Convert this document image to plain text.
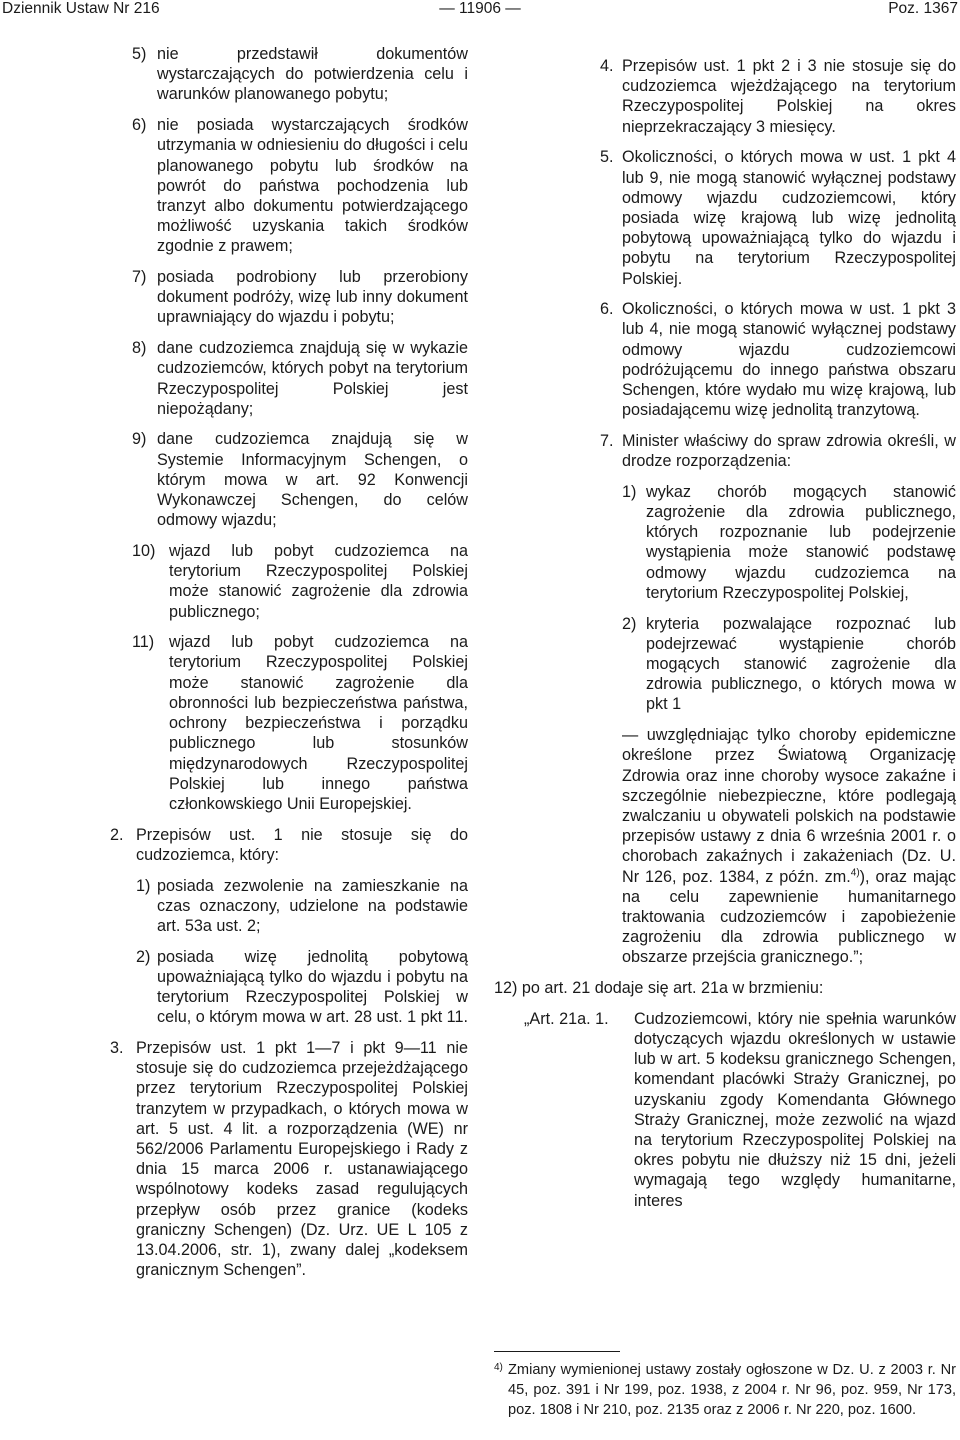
Dziennik Ustaw Nr 216	— 11906 —	Poz. 1367
5) nie przedstawił dokumentów wystarczających do potwierdzenia celu i warunków planowanego pobytu;

6) nie posiada wystarczających środków utrzymania w odniesieniu do długości i celu planowanego pobytu lub środków na powrót do państwa pochodzenia lub tranzyt albo dokumentu potwierdzającego możliwość uzyskania takich środków zgodnie z prawem;

7) posiada podrobiony lub przerobiony dokument podróży, wizę lub inny dokument uprawniający do wjazdu i pobytu;

8) dane cudzoziemca znajdują się w wykazie cudzoziemców, których pobyt na terytorium Rzeczypospolitej Polskiej jest niepożądany;

9) dane cudzoziemca znajdują się w Systemie Informacyjnym Schengen, o którym mowa w art. 92 Konwencji Wykonawczej Schengen, do celów odmowy wjazdu;

10) wjazd lub pobyt cudzoziemca na terytorium Rzeczypospolitej Polskiej może stanowić zagrożenie dla zdrowia publicznego;

11) wjazd lub pobyt cudzoziemca na terytorium Rzeczypospolitej Polskiej może stanowić zagrożenie dla obronności lub bezpieczeństwa państwa, ochrony bezpieczeństwa i porządku publicznego lub stosunków międzynarodowych Rzeczypospolitej Polskiej lub innego państwa członkowskiego Unii Europejskiej.

2. Przepisów ust. 1 nie stosuje się do cudzoziemca, który:

1) posiada zezwolenie na zamieszkanie na czas oznaczony, udzielone na podstawie art. 53a ust. 2;

2) posiada wizę jednolitą pobytową upoważniającą tylko do wjazdu i pobytu na terytorium Rzeczypospolitej Polskiej w celu, o którym mowa w art. 28 ust. 1 pkt 11.

3. Przepisów ust. 1 pkt 1—7 i pkt 9—11 nie stosuje się do cudzoziemca przejeżdżającego przez terytorium Rzeczypospolitej Polskiej tranzytem w przypadkach, o których mowa w art. 5 ust. 4 lit. a rozporządzenia (WE) nr 562/2006 Parlamentu Europejskiego i Rady z dnia 15 marca 2006 r. ustanawiającego wspólnotowy kodeks zasad regulujących przepływ osób przez granice (kodeks graniczny Schengen) (Dz. Urz. UE L 105 z 13.04.2006, str. 1), zwany dalej „kodeksem granicznym Schengen”.

4. Przepisów ust. 1 pkt 2 i 3 nie stosuje się do cudzoziemca wjeżdżającego na terytorium Rzeczypospolitej Polskiej na okres nieprzekraczający 3 miesięcy.

5. Okoliczności, o których mowa w ust. 1 pkt 4 lub 9, nie mogą stanowić wyłącznej podstawy odmowy wjazdu cudzoziemcowi, który posiada wizę krajową lub wizę jednolitą pobytową upoważniającą tylko do wjazdu i pobytu na terytorium Rzeczypospolitej Polskiej.

6. Okoliczności, o których mowa w ust. 1 pkt 3 lub 4, nie mogą stanowić wyłącznej podstawy odmowy wjazdu cudzoziemcowi podróżującemu do innego państwa obszaru Schengen, które wydało mu wizę krajową, lub posiadającemu wizę jednolitą tranzytową.

7. Minister właściwy do spraw zdrowia określi, w drodze rozporządzenia:

1) wykaz chorób mogących stanowić zagrożenie dla zdrowia publicznego, których rozpoznanie lub podejrzenie wystąpienia może stanowić podstawę odmowy wjazdu cudzoziemca na terytorium Rzeczypospolitej Polskiej,

2) kryteria pozwalające rozpoznać lub podejrzewać wystąpienie chorób mogących stanowić zagrożenie dla zdrowia publicznego, o których mowa w pkt 1

— uwzględniając tylko choroby epidemiczne określone przez Światową Organizację Zdrowia oraz inne choroby wysoce zakaźne i szczególnie niebezpieczne, które podlegają zwalczaniu u obywateli polskich na podstawie przepisów ustawy z dnia 6 września 2001 r. o chorobach zakaźnych i zakażeniach (Dz. U. Nr 126, poz. 1384, z późn. zm.$^{4)}$), oraz mając na celu zapewnienie humanitarnego traktowania cudzoziemców i zapobieżenie zagrożeniu dla zdrowia publicznego w obszarze przejścia granicznego.”;

12) po art. 21 dodaje się art. 21a w brzmieniu:
„Art. 21a. 1. Cudzoziemcowi, który nie spełnia warunków dotyczących wjazdu określonych w ustawie lub w art. 5 kodeksu granicznego Schengen, komendant placówki Straży Granicznej, po uzyskaniu zgody Komendanta Głównego Straży Granicznej, może zezwolić na wjazd na terytorium Rzeczypospolitej Polskiej na okres pobytu nie dłuższy niż 15 dni, jeżeli wymagają tego względy humanitarne, interes

4) Zmiany wymienionej ustawy zostały ogłoszone w Dz. U. z 2003 r. Nr 45, poz. 391 i Nr 199, poz. 1938, z 2004 r. Nr 96, poz. 959, Nr 173, poz. 1808 i Nr 210, poz. 2135 oraz z 2006 r. Nr 220, poz. 1600.
